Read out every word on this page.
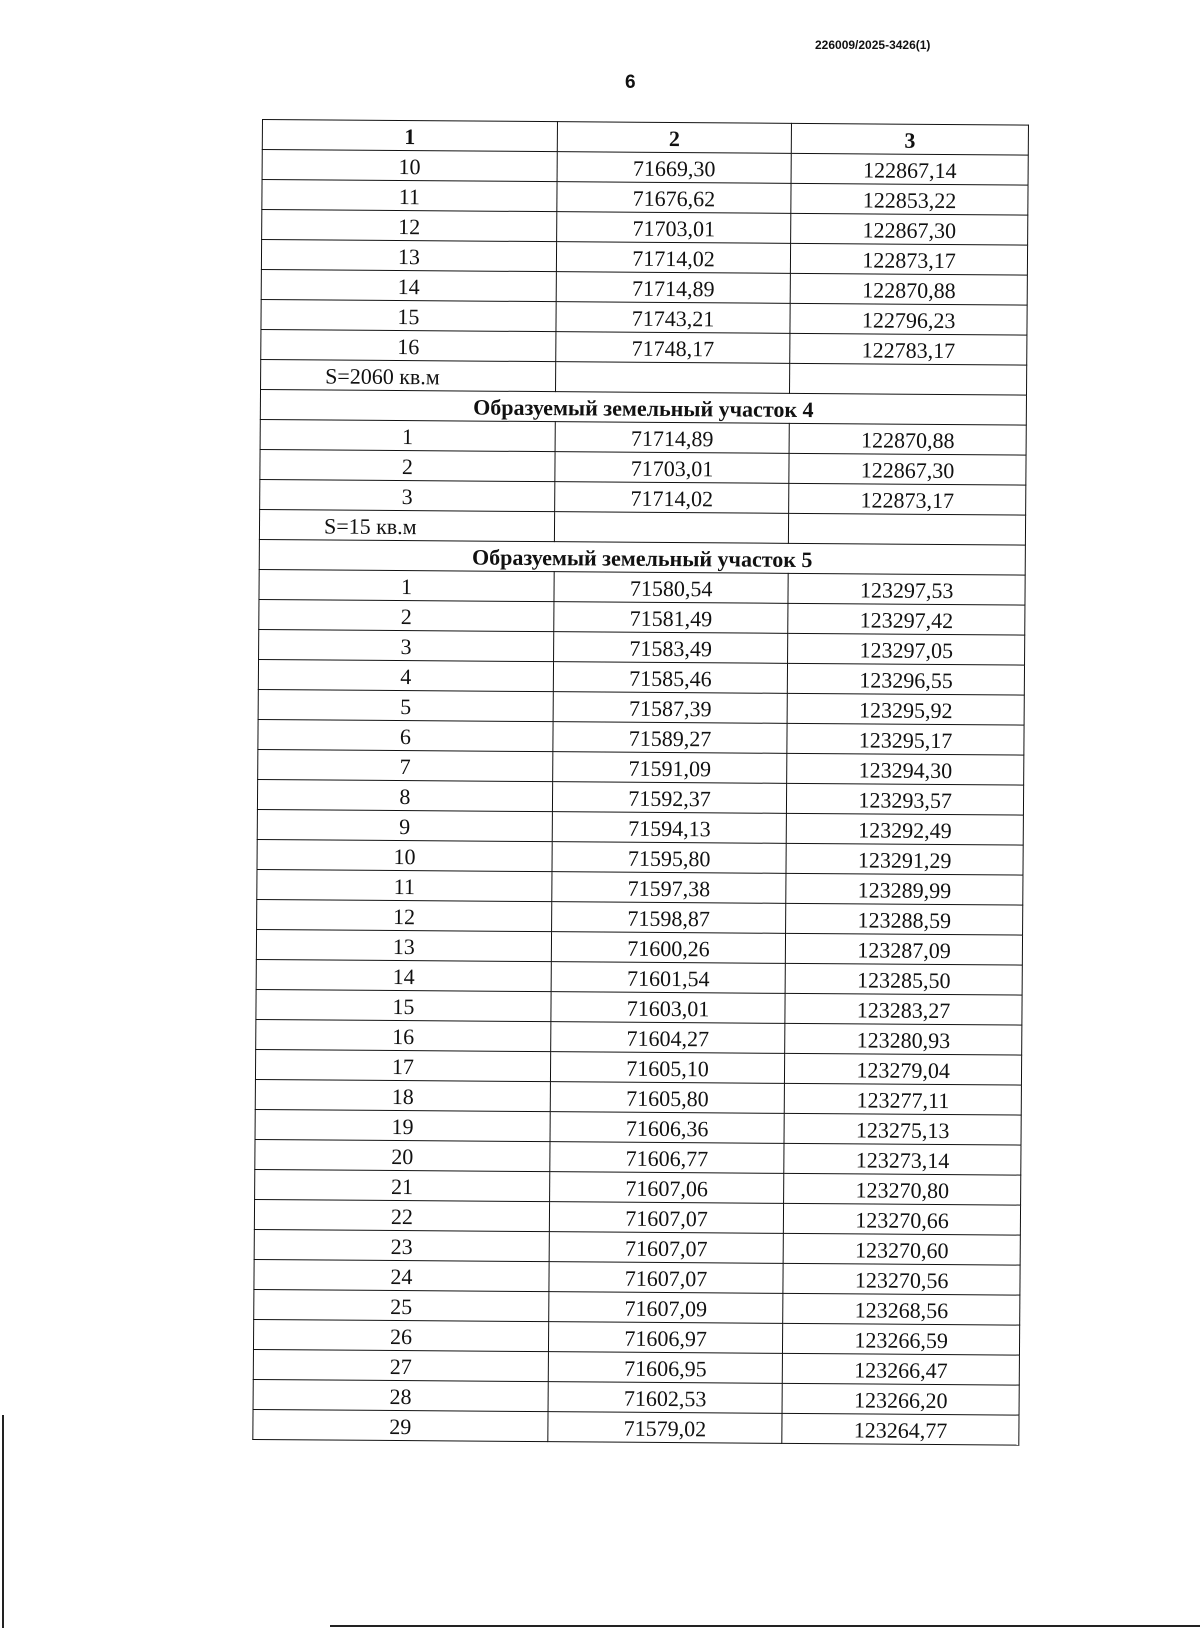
226009/2025-3426(1)
6
1	2	3
10	71669,30	122867,14
11	71676,62	122853,22
12	71703,01	122867,30
13	71714,02	122873,17
14	71714,89	122870,88
15	71743,21	122796,23
16	71748,17	122783,17
S=2060 кв.м		
Образуемый земельный участок 4		
1	71714,89	122870,88
2	71703,01	122867,30
3	71714,02	122873,17
S=15 кв.м		
Образуемый земельный участок 5		
1	71580,54	123297,53
2	71581,49	123297,42
3	71583,49	123297,05
4	71585,46	123296,55
5	71587,39	123295,92
6	71589,27	123295,17
7	71591,09	123294,30
8	71592,37	123293,57
9	71594,13	123292,49
10	71595,80	123291,29
11	71597,38	123289,99
12	71598,87	123288,59
13	71600,26	123287,09
14	71601,54	123285,50
15	71603,01	123283,27
16	71604,27	123280,93
17	71605,10	123279,04
18	71605,80	123277,11
19	71606,36	123275,13
20	71606,77	123273,14
21	71607,06	123270,80
22	71607,07	123270,66
23	71607,07	123270,60
24	71607,07	123270,56
25	71607,09	123268,56
26	71606,97	123266,59
27	71606,95	123266,47
28	71602,53	123266,20
29	71579,02	123264,77
